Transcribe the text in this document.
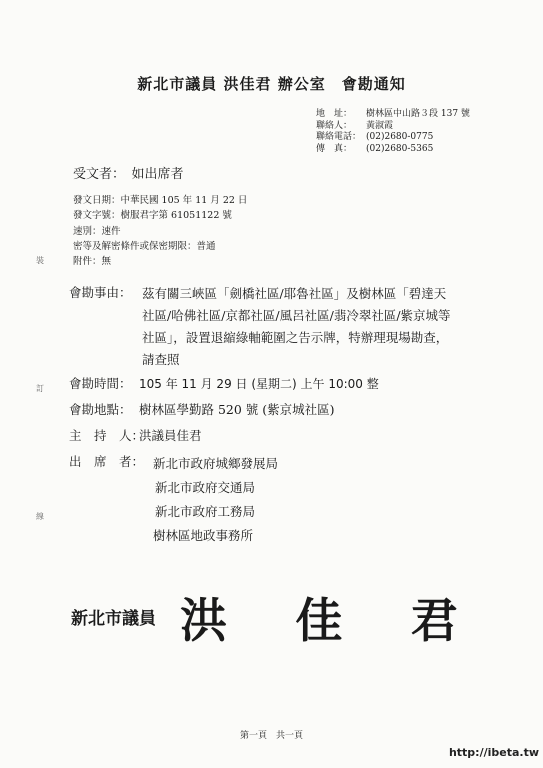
新北市議員 洪佳君 辦公室　會勘通知
地　址： 樹林區中山路３段 137 號
聯絡人： 黃淑霞
聯絡電話： (02)2680-0775
傳　真： (02)2680-5365
受文者：　如出席者
發文日期：中華民國 105 年 11 月 22 日
發文字號：樹服君字第 61051122 號
速別：速件
密等及解密條件或保密期限：普通
附件：無
會勘事由： 茲有關三峽區「劍橋社區/耶魯社區」及樹林區「碧達天
社區/哈佛社區/京都社區/風呂社區/翡冷翠社區/紫京城等
社區」，設置退縮綠軸範圍之告示牌，特辦理現場勘查，
請查照
會勘時間： 105 年 11 月 29 日 (星期二) 上午 10:00 整
會勘地點： 樹林區學勤路 520 號 (紫京城社區)
主　持　人：洪議員佳君
出　席　者： 新北市政府城鄉發展局
新北市政府交通局
新北市政府工務局
樹林區地政事務所
裝
訂
線
新北市議員 洪 佳 君
第一頁　共一頁
http://ibeta.tw
